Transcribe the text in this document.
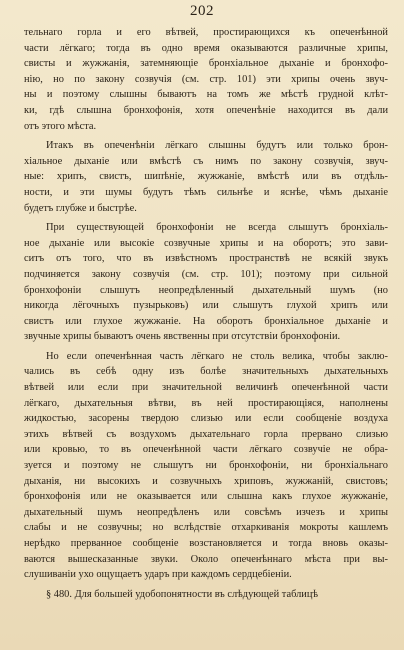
202
тельнаго горла и его вѣтвей, простирающихся къ опеченѣнной
части лёгкаго; тогда въ одно время оказываются различные хрипы,
свисты и жужжанія, затемняющіе бронхіальное дыханіе и бронхофо-
нію, но по закону созвучія (см. стр. 101) эти хрипы очень звуч-
ны и поэтому слышны бываютъ на томъ же мѣстѣ грудной клѣт-
ки, гдѣ слышна бронхофонія, хотя опеченѣніе находится въ дали
отъ этого мѣста.
Итакъ въ опеченѣніи лёгкаго слышны будутъ или только брон-
хіальное дыханіе или вмѣстѣ съ нимъ по закону созвучія, звуч-
ные: хрипъ, свистъ, шипѣніе, жужжаніе, вмѣстѣ или въ отдѣль-
ности, и эти шумы будутъ тѣмъ сильнѣе и яснѣе, чѣмъ дыханіе
будетъ глубже и быстрѣе.
При существующей бронхофоніи не всегда слышутъ бронхіаль-
ное дыханіе или высокіе созвучные хрипы и на оборотъ; это зави-
ситъ отъ того, что въ извѣстномъ пространствѣ не всякій звукъ
подчиняется закону созвучія (см. стр. 101); поэтому при сильной
бронхофоніи слышутъ неопредѣленный дыхательный шумъ (но
никогда лёгочныхъ пузырьковъ) или слышутъ глухой хрипъ или
свистъ или глухое жужжаніе. На оборотъ бронхіальное дыханіе и
звучные хрипы бываютъ очень явственны при отсутствіи бронхофоніи.
Но если опеченѣнная часть лёгкаго не столь велика, чтобы заклю-
чались въ себѣ одну изъ болѣе значительныхъ дыхательныхъ
вѣтвей или если при значительной величинѣ опеченѣнной части
лёгкаго, дыхательныя вѣтви, въ ней простирающіяся, наполнены
жидкостью, засорены твердою слизью или если сообщеніе воздуха
этихъ вѣтвей съ воздухомъ дыхательнаго горла прервано слизью
или кровью, то въ опеченѣнной части лёгкаго созвучіе не обра-
зуется и поэтому не слышутъ ни бронхофоніи, ни бронхіальнаго
дыханія, ни высокихъ и созвучныхъ хриповъ, жужжаній, свистовъ;
бронхофонія или не оказывается или слышна какъ глухое жужжаніе,
дыхательный шумъ неопредѣленъ или совсѣмъ изчезъ и хрипы
слабы и не созвучны; но вслѣдствіе отхаркиванія мокроты кашлемъ
нерѣдко прерванное сообщеніе возстановляется и тогда вновь оказы-
ваются вышесказанные звуки. Около опеченѣннаго мѣста при вы-
слушиваніи ухо ощущаетъ ударъ при каждомъ сердцебіеніи.
§ 480. Для большей удобопонятности въ слѣдующей таблицѣ
